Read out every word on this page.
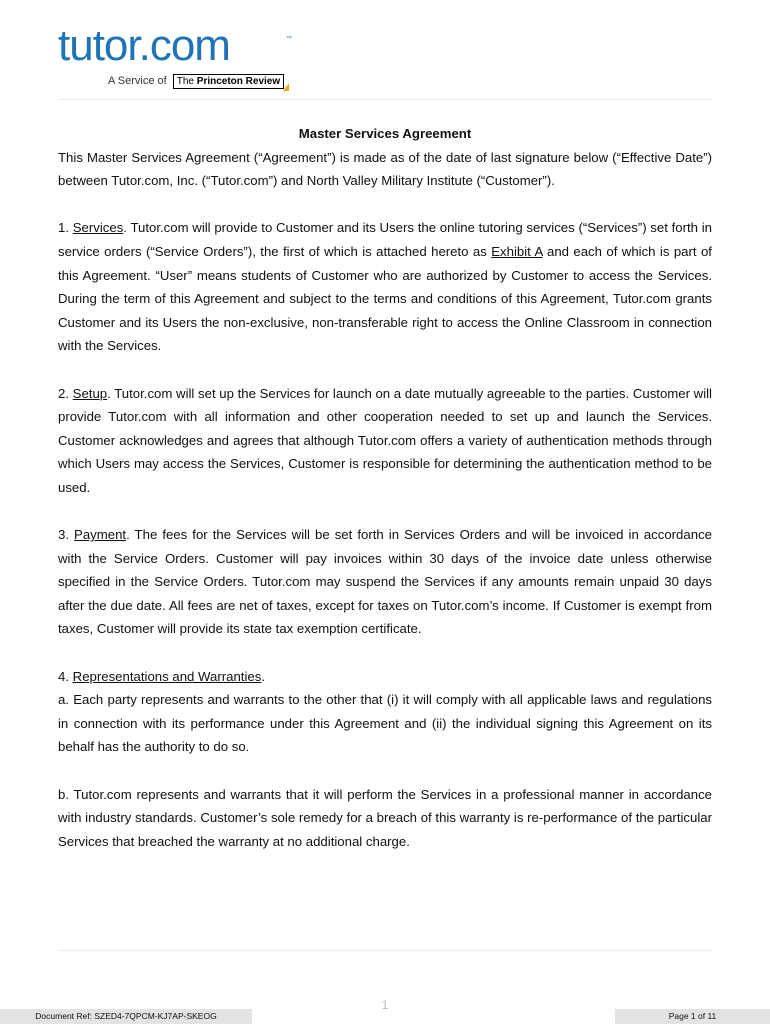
tutor.com	™
A Service of The Princeton Review

Master Services Agreement

This Master Services Agreement (“Agreement”) is made as of the date of last signature below (“Effective Date”) between Tutor.com, Inc. (“Tutor.com”) and North Valley Military Institute (“Customer”).

1. Services. Tutor.com will provide to Customer and its Users the online tutoring services (“Services”) set forth in service orders (“Service Orders”), the first of which is attached hereto as Exhibit A and each of which is part of this Agreement. “User” means students of Customer who are authorized by Customer to access the Services. During the term of this Agreement and subject to the terms and conditions of this Agreement, Tutor.com grants Customer and its Users the non-exclusive, non-transferable right to access the Online Classroom in connection with the Services.

2. Setup. Tutor.com will set up the Services for launch on a date mutually agreeable to the parties. Customer will provide Tutor.com with all information and other cooperation needed to set up and launch the Services. Customer acknowledges and agrees that although Tutor.com offers a variety of authentication methods through which Users may access the Services, Customer is responsible for determining the authentication method to be used.

3. Payment. The fees for the Services will be set forth in Services Orders and will be invoiced in accordance with the Service Orders. Customer will pay invoices within 30 days of the invoice date unless otherwise specified in the Service Orders. Tutor.com may suspend the Services if any amounts remain unpaid 30 days after the due date. All fees are net of taxes, except for taxes on Tutor.com’s income. If Customer is exempt from taxes, Customer will provide its state tax exemption certificate.

4. Representations and Warranties.

a. Each party represents and warrants to the other that (i) it will comply with all applicable laws and regulations in connection with its performance under this Agreement and (ii) the individual signing this Agreement on its behalf has the authority to do so.

b. Tutor.com represents and warrants that it will perform the Services in a professional manner in accordance with industry standards. Customer’s sole remedy for a breach of this warranty is re-performance of the particular Services that breached the warranty at no additional charge.

1
Document Ref: SZED4-7QPCM-KJ7AP-SKEOG	Page 1 of 11
